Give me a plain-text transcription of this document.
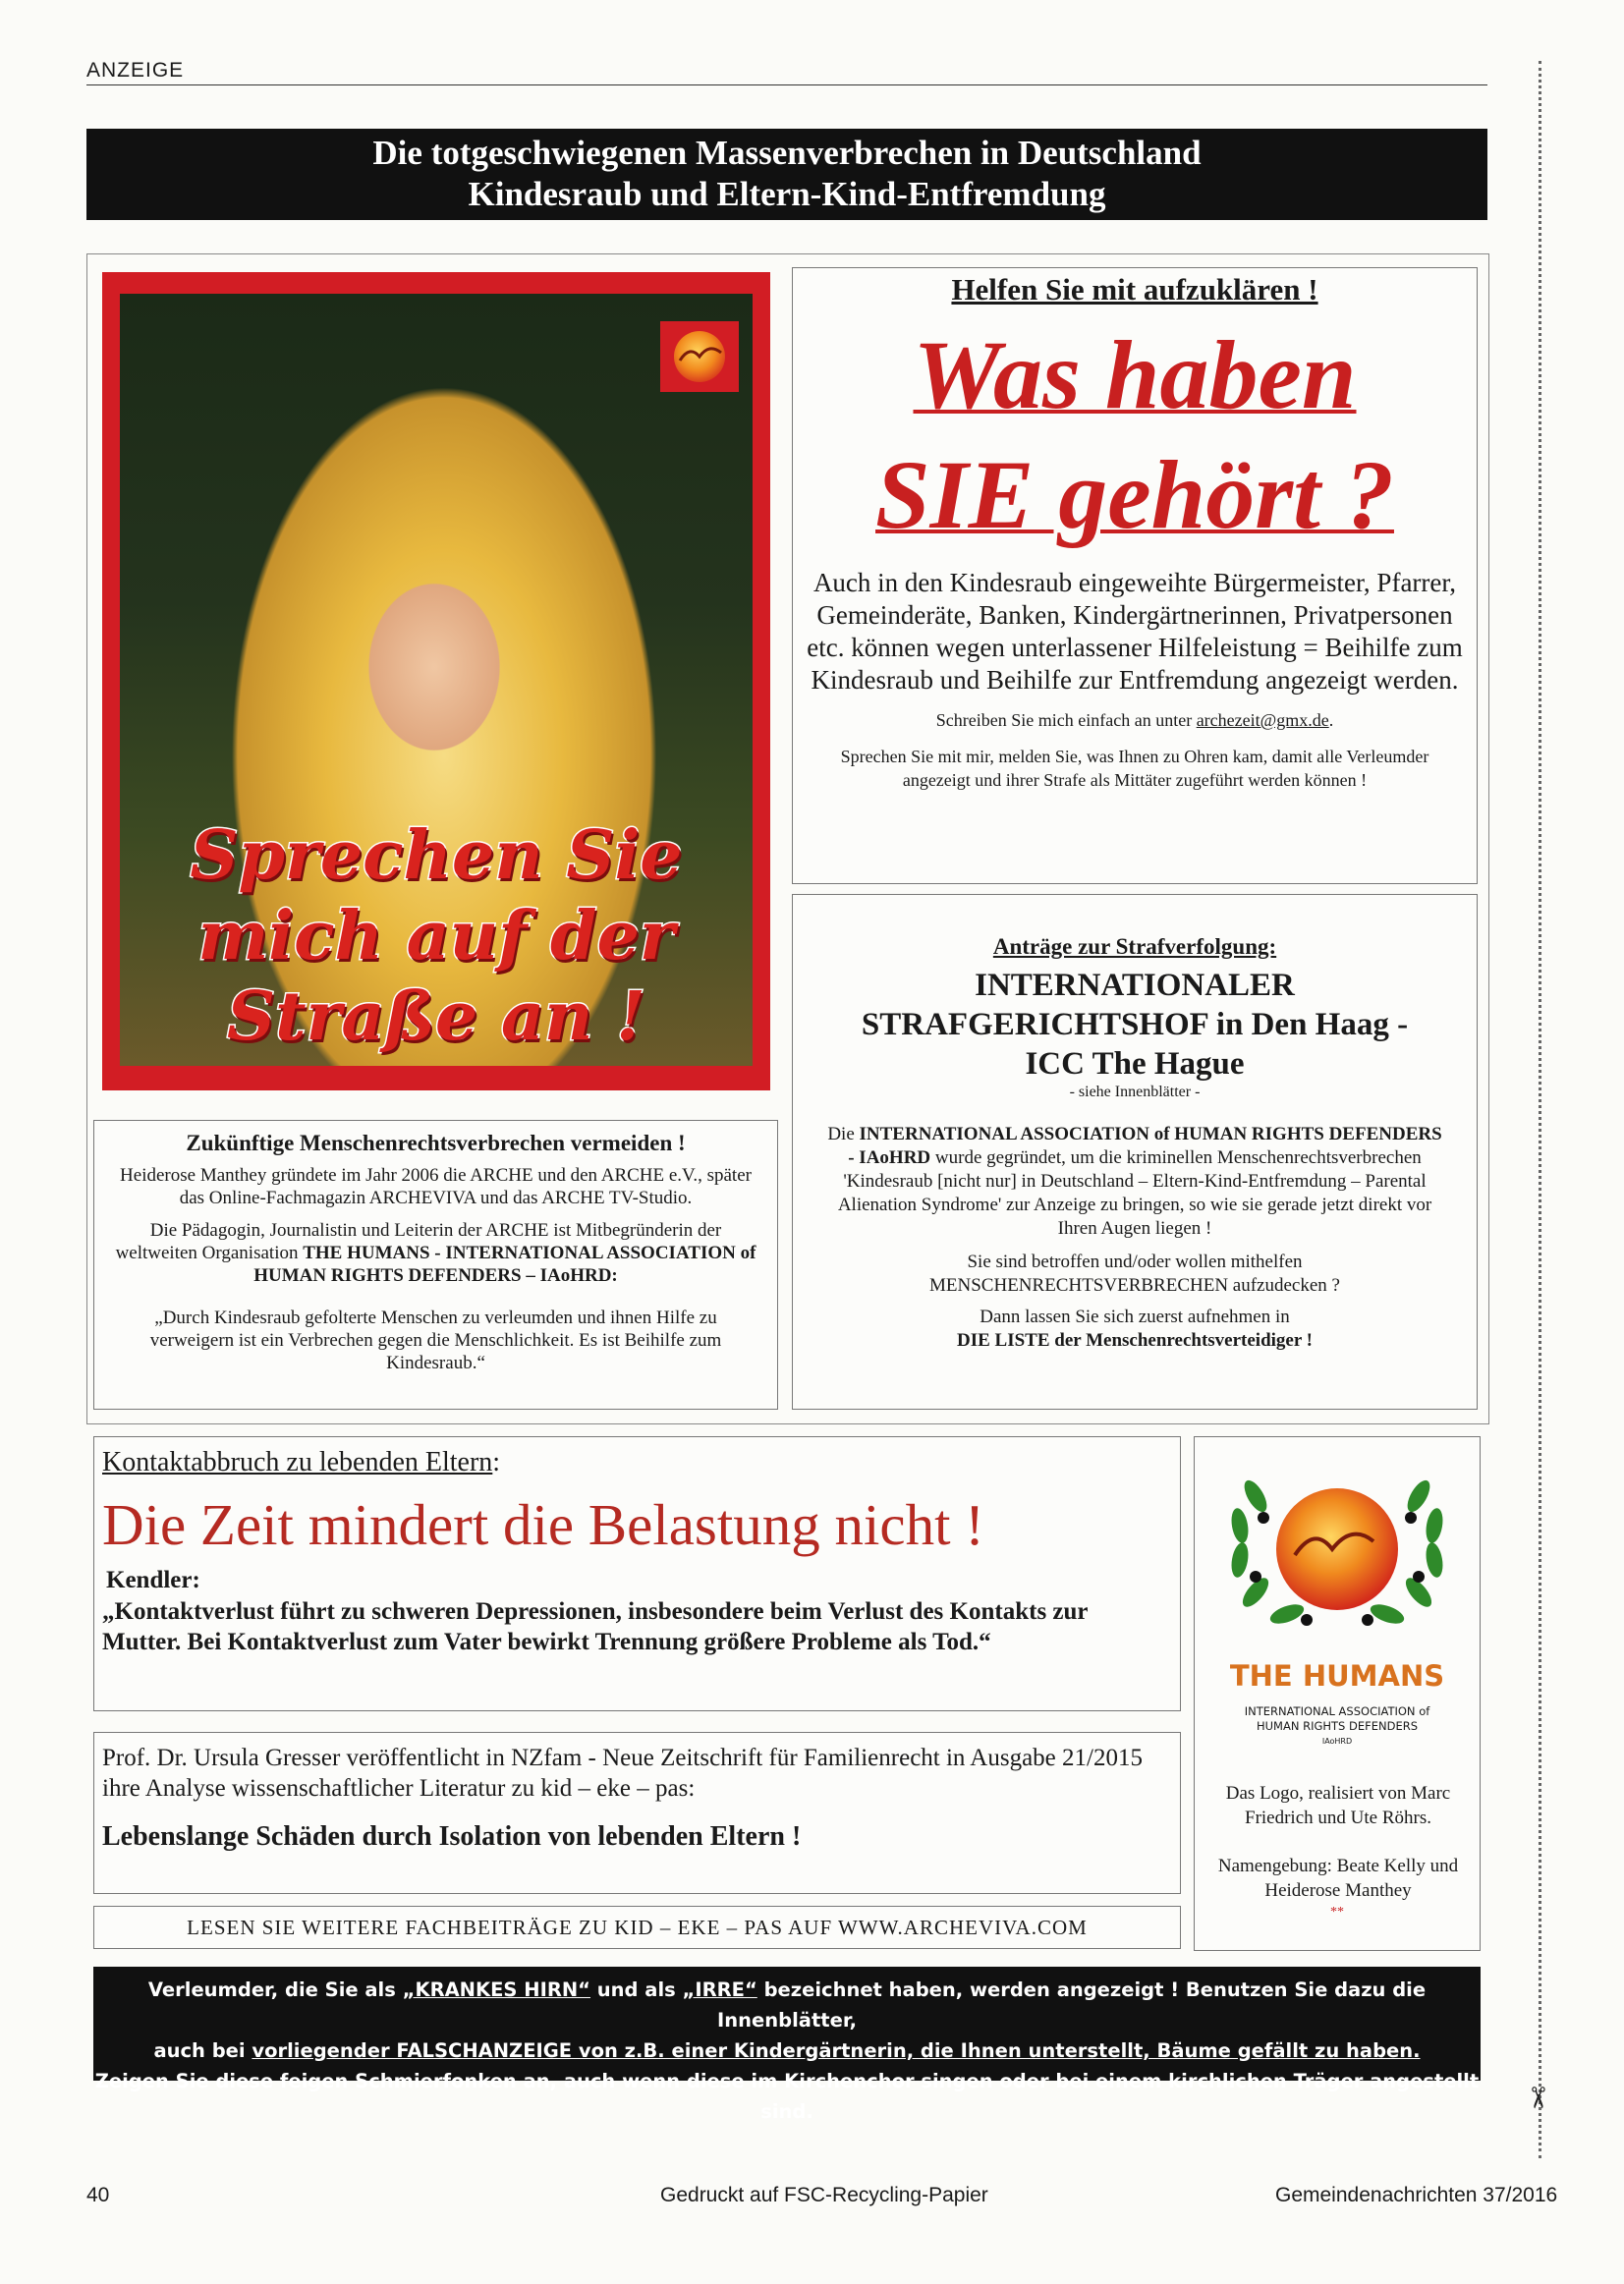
ANZEIGE
✂
Die totgeschwiegenen Massenverbrechen in Deutschland
Kindesraub und Eltern-Kind-Entfremdung
Sprechen Sie
mich auf der
Straße an !
Helfen Sie mit aufzuklären !
Was haben
SIE gehört ?
Auch in den Kindesraub eingeweihte Bürgermeister, Pfarrer, Gemeinderäte, Banken, Kindergärtnerinnen, Privatpersonen etc. können wegen unterlassener Hilfeleistung = Beihilfe zum Kindesraub und Beihilfe zur Entfremdung angezeigt werden.
Schreiben Sie mich einfach an unter archezeit@gmx.de.
Sprechen Sie mit mir, melden Sie, was Ihnen zu Ohren kam, damit alle Verleumder angezeigt und ihrer Strafe als Mittäter zugeführt werden können !
Anträge zur Strafverfolgung:
INTERNATIONALER
STRAFGERICHTSHOF in Den Haag -
ICC The Hague
- siehe Innenblätter -
Die INTERNATIONAL ASSOCIATION of HUMAN RIGHTS DEFENDERS - IAoHRD wurde gegründet, um die kriminellen Menschenrechtsverbrechen 'Kindesraub [nicht nur] in Deutschland – Eltern-Kind-Entfremdung – Parental Alienation Syndrome' zur Anzeige zu bringen, so wie sie gerade jetzt direkt vor Ihren Augen liegen !
Sie sind betroffen und/oder wollen mithelfen MENSCHENRECHTSVERBRECHEN aufzudecken ?
Dann lassen Sie sich zuerst aufnehmen in
DIE LISTE der Menschenrechtsverteidiger !
Zukünftige Menschenrechtsverbrechen vermeiden !
Heiderose Manthey gründete im Jahr 2006 die ARCHE und den ARCHE e.V., später das Online-Fachmagazin ARCHEVIVA und das ARCHE TV-Studio.
Die Pädagogin, Journalistin und Leiterin der ARCHE ist Mitbegründerin der weltweiten Organisation THE HUMANS - INTERNATIONAL ASSOCIATION of HUMAN RIGHTS DEFENDERS – IAoHRD:
„Durch Kindesraub gefolterte Menschen zu verleumden und ihnen Hilfe zu verweigern ist ein Verbrechen gegen die Menschlichkeit. Es ist Beihilfe zum Kindesraub.“
Kontaktabbruch zu lebenden Eltern:
Die Zeit mindert die Belastung nicht !
Kendler:
„Kontaktverlust führt zu schweren Depressionen, insbesondere beim Verlust des Kontakts zur Mutter. Bei Kontaktverlust zum Vater bewirkt Trennung größere Probleme als Tod.“
Prof. Dr. Ursula Gresser veröffentlicht in NZfam - Neue Zeitschrift für Familienrecht in Ausgabe 21/2015 ihre Analyse wissenschaftlicher Literatur zu kid – eke – pas:
Lebenslange Schäden durch Isolation von lebenden Eltern !
LESEN SIE WEITERE FACHBEITRÄGE ZU KID – EKE – PAS AUF WWW.ARCHEVIVA.COM
THE HUMANS
INTERNATIONAL ASSOCIATION of
HUMAN RIGHTS DEFENDERS
IAoHRD
Das Logo, realisiert von Marc Friedrich und Ute Röhrs.
Namengebung: Beate Kelly und Heiderose Manthey
**
Verleumder, die Sie als „KRANKES HIRN“ und als „IRRE“ bezeichnet haben, werden angezeigt ! Benutzen Sie dazu die Innenblätter,
auch bei vorliegender FALSCHANZEIGE von z.B. einer Kindergärtnerin, die Ihnen unterstellt, Bäume gefällt zu haben.
Zeigen Sie diese feigen Schmierfonken an, auch wenn diese im Kirchenchor singen oder bei einem kirchlichen Träger angestellt sind.
40	Gedruckt auf FSC-Recycling-Papier	Gemeindenachrichten 37/2016
